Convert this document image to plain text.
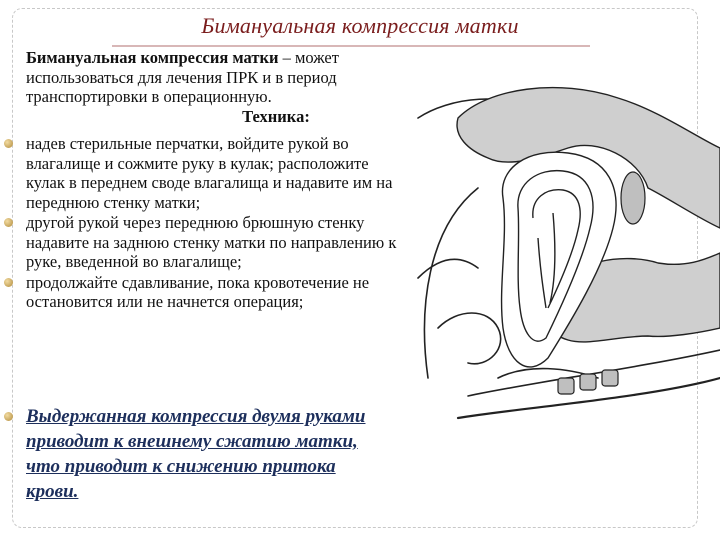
Бимануальная компрессия матки

Бимануальная компрессия матки – может использоваться для лечения ПРК и в период транспортировки в операционную.
Техника:

надев стерильные перчатки, войдите рукой во влагалище и сожмите руку в кулак; расположите кулак в переднем своде влагалища и надавите им на переднюю стенку матки;
другой рукой через переднюю брюшную стенку надавите на заднюю стенку матки по направлению к руке, введенной во влагалище;
продолжайте сдавливание, пока кровотечение не остановится или не начнется операция;
Выдержанная компрессия двумя руками приводит к внешнему сжатию матки, что приводит к снижению притока крови.
